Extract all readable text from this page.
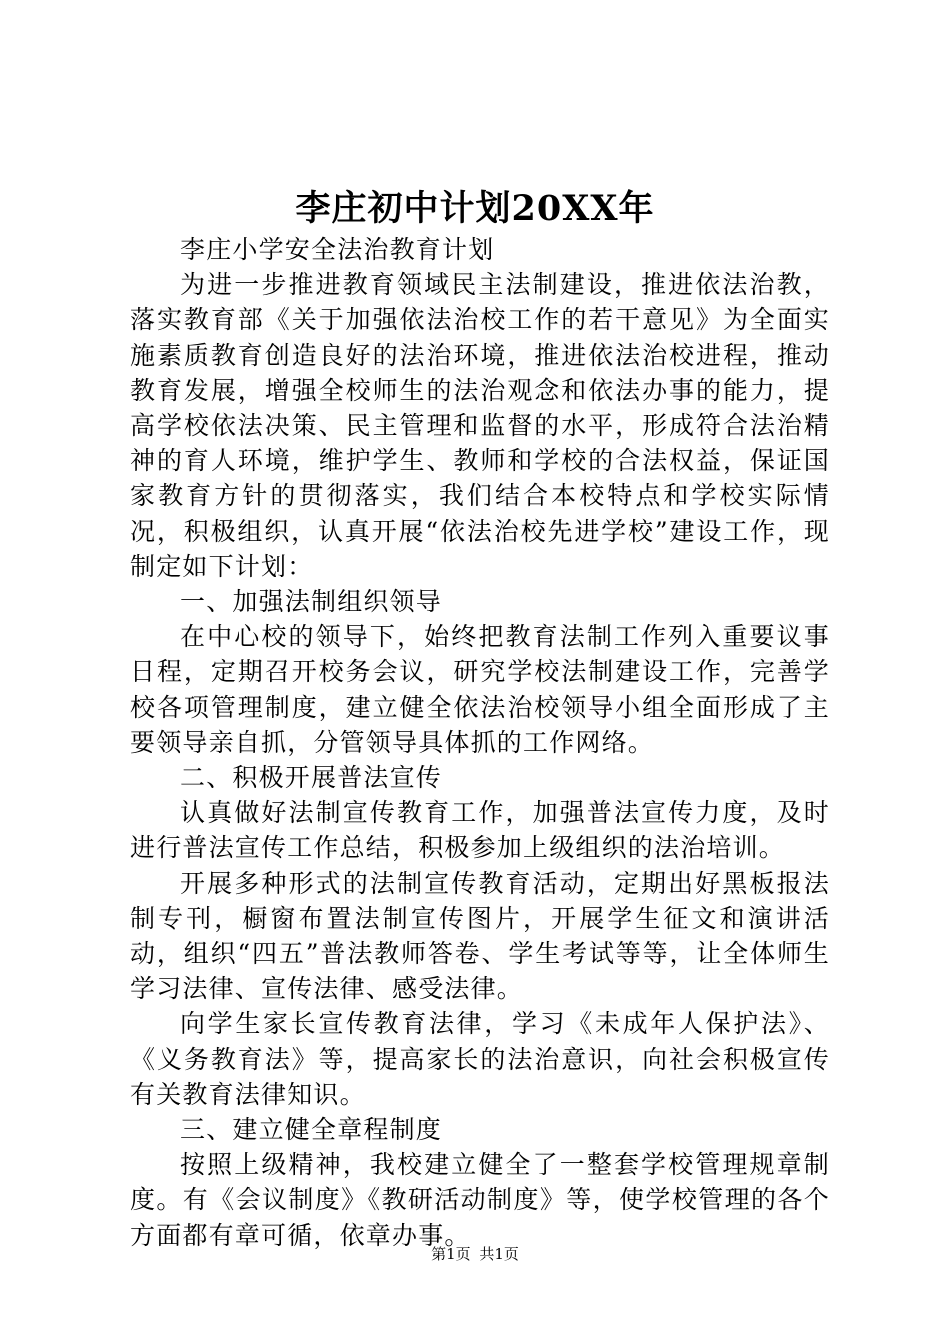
李庄初中计划20XX年

李庄小学安全法治教育计划

为进一步推进教育领域民主法制建设，推进依法治教，落实教育部《关于加强依法治校工作的若干意见》为全面实施素质教育创造良好的法治环境，推进依法治校进程，推动教育发展，增强全校师生的法治观念和依法办事的能力，提高学校依法决策、民主管理和监督的水平，形成符合法治精神的育人环境，维护学生、教师和学校的合法权益，保证国家教育方针的贯彻落实，我们结合本校特点和学校实际情况，积极组织，认真开展“依法治校先进学校”建设工作，现制定如下计划：

一、加强法制组织领导

在中心校的领导下，始终把教育法制工作列入重要议事日程，定期召开校务会议，研究学校法制建设工作，完善学校各项管理制度，建立健全依法治校领导小组全面形成了主要领导亲自抓，分管领导具体抓的工作网络。

二、积极开展普法宣传

认真做好法制宣传教育工作，加强普法宣传力度，及时进行普法宣传工作总结，积极参加上级组织的法治培训。

开展多种形式的法制宣传教育活动，定期出好黑板报法制专刊，橱窗布置法制宣传图片，开展学生征文和演讲活动，组织“四五”普法教师答卷、学生考试等等，让全体师生学习法律、宣传法律、感受法律。

向学生家长宣传教育法律，学习《未成年人保护法》、《义务教育法》等，提高家长的法治意识，向社会积极宣传有关教育法律知识。

三、建立健全章程制度

按照上级精神，我校建立健全了一整套学校管理规章制度。有《会议制度》《教研活动制度》等，使学校管理的各个方面都有章可循，依章办事。

第1页 共1页
